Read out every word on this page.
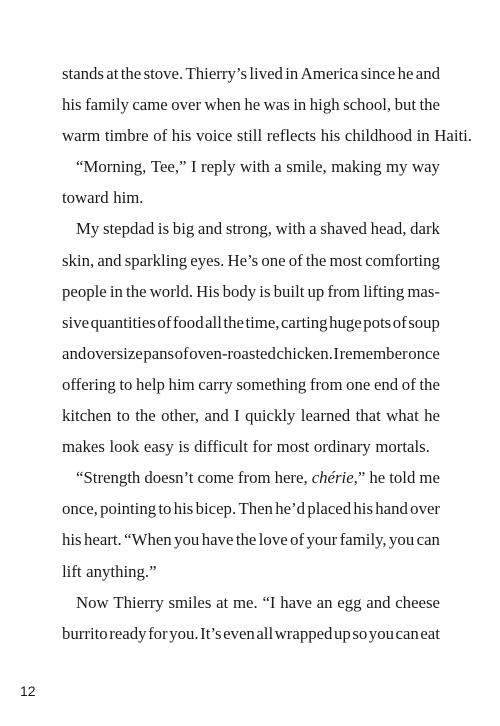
stands at the stove. Thierry’s lived in America since he and
his family came over when he was in high school, but the
warm timbre of his voice still reflects his childhood in Haiti.
“Morning, Tee,” I reply with a smile, making my way
toward him.
My stepdad is big and strong, with a shaved head, dark
skin, and sparkling eyes. He’s one of the most comforting
people in the world. His body is built up from lifting mas-
sive quantities of food all the time, carting huge pots of soup
and oversize pans of oven-roasted chicken. I remember once
offering to help him carry something from one end of the
kitchen to the other, and I quickly learned that what he
makes look easy is difficult for most ordinary mortals.
“Strength doesn’t come from here, chérie,” he told me
once, pointing to his bicep. Then he’d placed his hand over
his heart. “When you have the love of your family, you can
lift anything.”
Now Thierry smiles at me. “I have an egg and cheese
burrito ready for you. It’s even all wrapped up so you can eat
12
